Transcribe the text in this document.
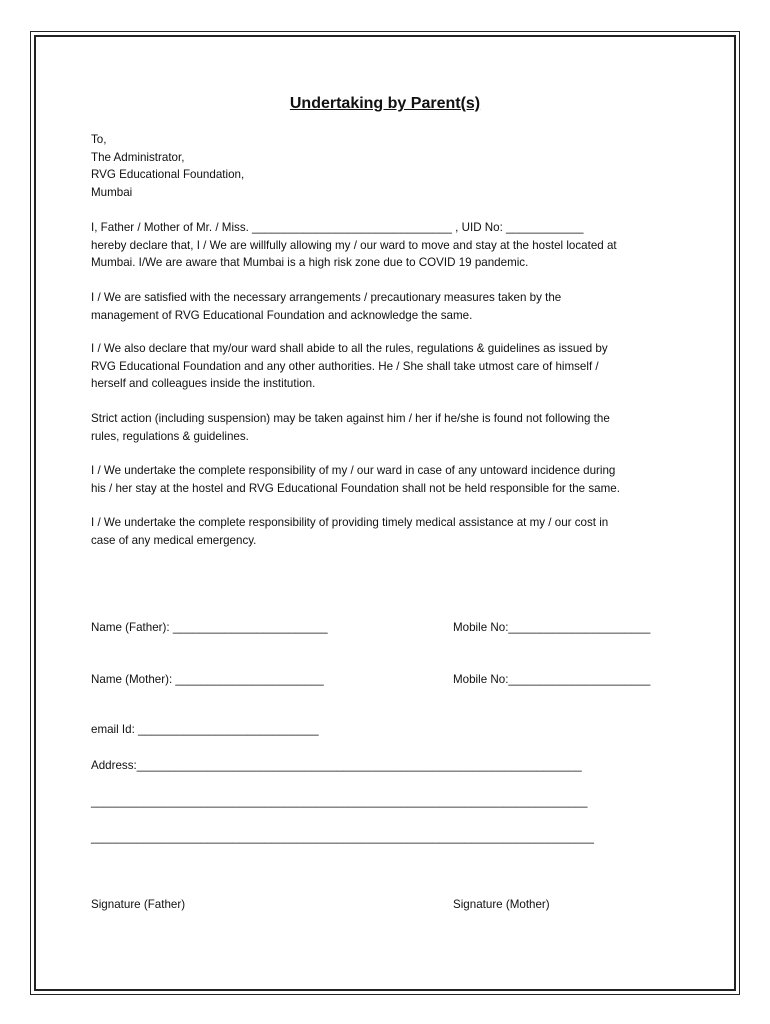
Undertaking by Parent(s)
To,
The Administrator,
RVG Educational Foundation,
Mumbai
I, Father / Mother of Mr. / Miss. _______________________________ , UID No: ____________
hereby declare that, I / We are willfully allowing my / our ward to move and stay at the hostel located at
Mumbai. I/We are aware that Mumbai is a high risk zone due to COVID 19 pandemic.
I / We are satisfied with the necessary arrangements / precautionary measures taken by the
management of RVG Educational Foundation and acknowledge the same.
I / We also declare that my/our ward shall abide to all the rules, regulations & guidelines as issued by
RVG Educational Foundation and any other authorities. He / She shall take utmost care of himself /
herself and colleagues inside the institution.
Strict action (including suspension) may be taken against him / her if he/she is found not following the
rules, regulations & guidelines.
I / We undertake the complete responsibility of my / our ward in case of any untoward incidence during
his / her stay at the hostel and RVG Educational Foundation shall not be held responsible for the same.
I / We undertake the complete responsibility of providing timely medical assistance at my / our cost in
case of any medical emergency.
Name (Father): ________________________	Mobile No:______________________
Name (Mother): _______________________	Mobile No:______________________
email Id: ____________________________
Address:_____________________________________________________________________
_____________________________________________________________________________
______________________________________________________________________________
Signature (Father)	Signature (Mother)
